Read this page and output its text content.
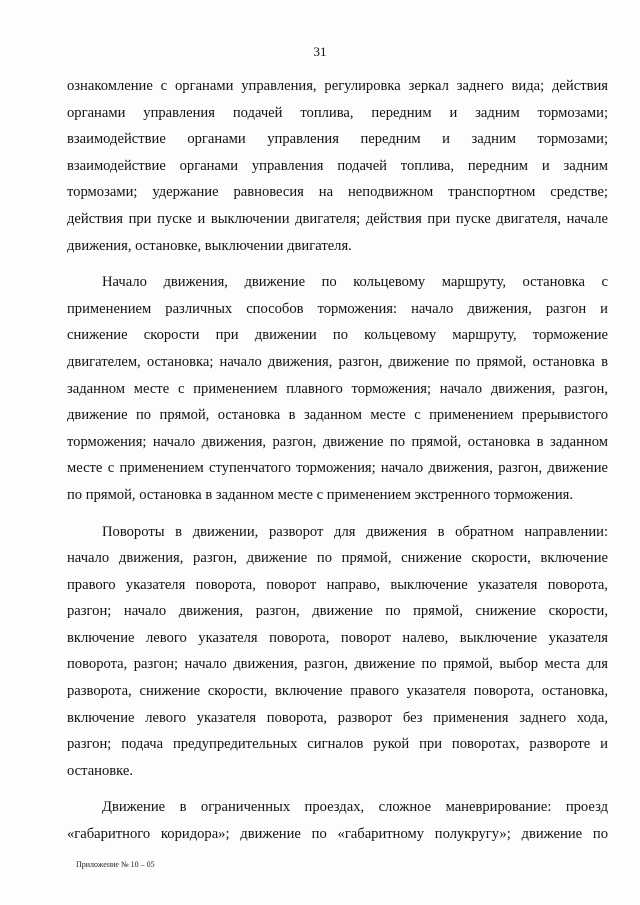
31
ознакомление с органами управления, регулировка зеркал заднего вида; действия
органами управления подачей топлива, передним и задним тормозами;
взаимодействие органами управления передним и задним тормозами;
взаимодействие органами управления подачей топлива, передним и задним
тормозами; удержание равновесия на неподвижном транспортном средстве;
действия при пуске и выключении двигателя; действия при пуске двигателя, начале
движения, остановке, выключении двигателя.
Начало движения, движение по кольцевому маршруту, остановка с
применением различных способов торможения: начало движения, разгон и
снижение скорости при движении по кольцевому маршруту, торможение
двигателем, остановка; начало движения, разгон, движение по прямой, остановка в
заданном месте с применением плавного торможения; начало движения, разгон,
движение по прямой, остановка в заданном месте с применением прерывистого
торможения; начало движения, разгон, движение по прямой, остановка в заданном
месте с применением ступенчатого торможения; начало движения, разгон, движение
по прямой, остановка в заданном месте с применением экстренного торможения.
Повороты в движении, разворот для движения в обратном направлении:
начало движения, разгон, движение по прямой, снижение скорости, включение
правого указателя поворота, поворот направо, выключение указателя поворота,
разгон; начало движения, разгон, движение по прямой, снижение скорости,
включение левого указателя поворота, поворот налево, выключение указателя
поворота, разгон; начало движения, разгон, движение по прямой, выбор места для
разворота, снижение скорости, включение правого указателя поворота, остановка,
включение левого указателя поворота, разворот без применения заднего хода,
разгон; подача предупредительных сигналов рукой при поворотах, развороте и
остановке.
Движение в ограниченных проездах, сложное маневрирование: проезд
«габаритного коридора»; движение по «габаритному полукругу»; движение по
Приложение № 10 – 05
